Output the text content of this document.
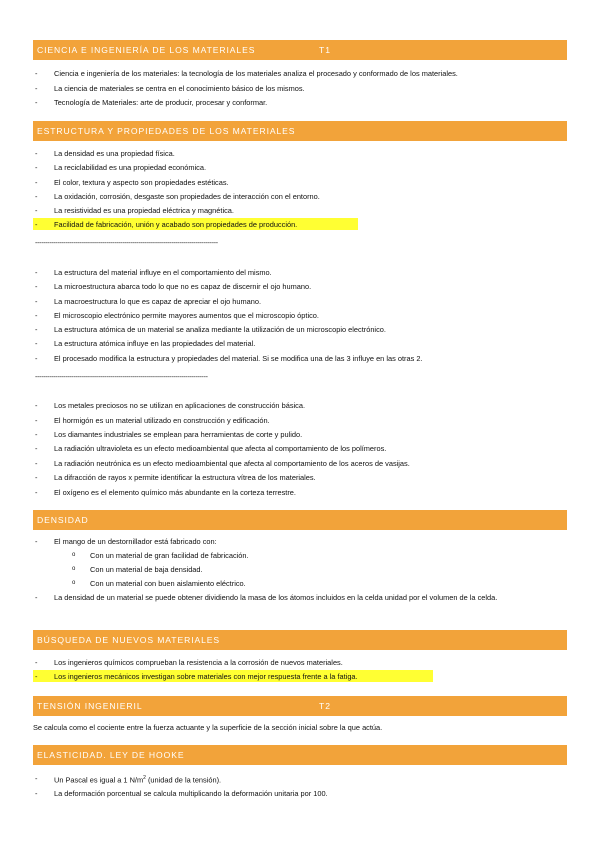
CIENCIA E INGENIERÍA DE LOS MATERIALES	T1
- Ciencia e ingeniería de los materiales: la tecnología de los materiales analiza el procesado y conformado de los materiales.
- La ciencia de materiales se centra en el conocimiento básico de los mismos.
- Tecnología de Materiales: arte de producir, procesar y conformar.
ESTRUCTURA Y PROPIEDADES DE LOS MATERIALES
- La densidad es una propiedad física.
- La reciclabilidad es una propiedad económica.
- El color, textura y aspecto son propiedades estéticas.
- La oxidación, corrosión, desgaste son propiedades de interacción con el entorno.
- La resistividad es una propiedad eléctrica y magnética.
- Facilidad de fabricación, unión y acabado son propiedades de producción.
------------------------------------------------------------------------------------------
- La estructura del material influye en el comportamiento del mismo.
- La microestructura abarca todo lo que no es capaz de discernir el ojo humano.
- La macroestructura lo que es capaz de apreciar el ojo humano.
- El microscopio electrónico permite mayores aumentos que el microscopio óptico.
- La estructura atómica de un material se analiza mediante la utilización de un microscopio electrónico.
- La estructura atómica influye en las propiedades del material.
- El procesado modifica la estructura y propiedades del material. Si se modifica una de las 3 influye en las otras 2.
-------------------------------------------------------------------------------------
- Los metales preciosos no se utilizan en aplicaciones de construcción básica.
- El hormigón es un material utilizado en construcción y edificación.
- Los diamantes industriales se emplean para herramientas de corte y pulido.
- La radiación ultravioleta es un efecto medioambiental que afecta al comportamiento de los polímeros.
- La radiación neutrónica es un efecto medioambiental que afecta al comportamiento de los aceros de vasijas.
- La difracción de rayos x permite identificar la estructura vítrea de los materiales.
- El oxígeno es el elemento químico más abundante en la corteza terrestre.
DENSIDAD
- El mango de un destornillador está fabricado con:
o Con un material de gran facilidad de fabricación.
o Con un material de baja densidad.
o Con un material con buen aislamiento eléctrico.
- La densidad de un material se puede obtener dividiendo la masa de los átomos incluidos en la celda unidad por el volumen de la celda.
BÚSQUEDA DE NUEVOS MATERIALES
- Los ingenieros químicos comprueban la resistencia a la corrosión de nuevos materiales.
- Los ingenieros mecánicos investigan sobre materiales con mejor respuesta frente a la fatiga.
TENSIÓN INGENIERIL	T2
Se calcula como el cociente entre la fuerza actuante y la superficie de la sección inicial sobre la que actúa.
ELASTICIDAD. LEY DE HOOKE
- Un Pascal es igual a 1 $N/m^2$ (unidad de la tensión).
- La deformación porcentual se calcula multiplicando la deformación unitaria por 100.
